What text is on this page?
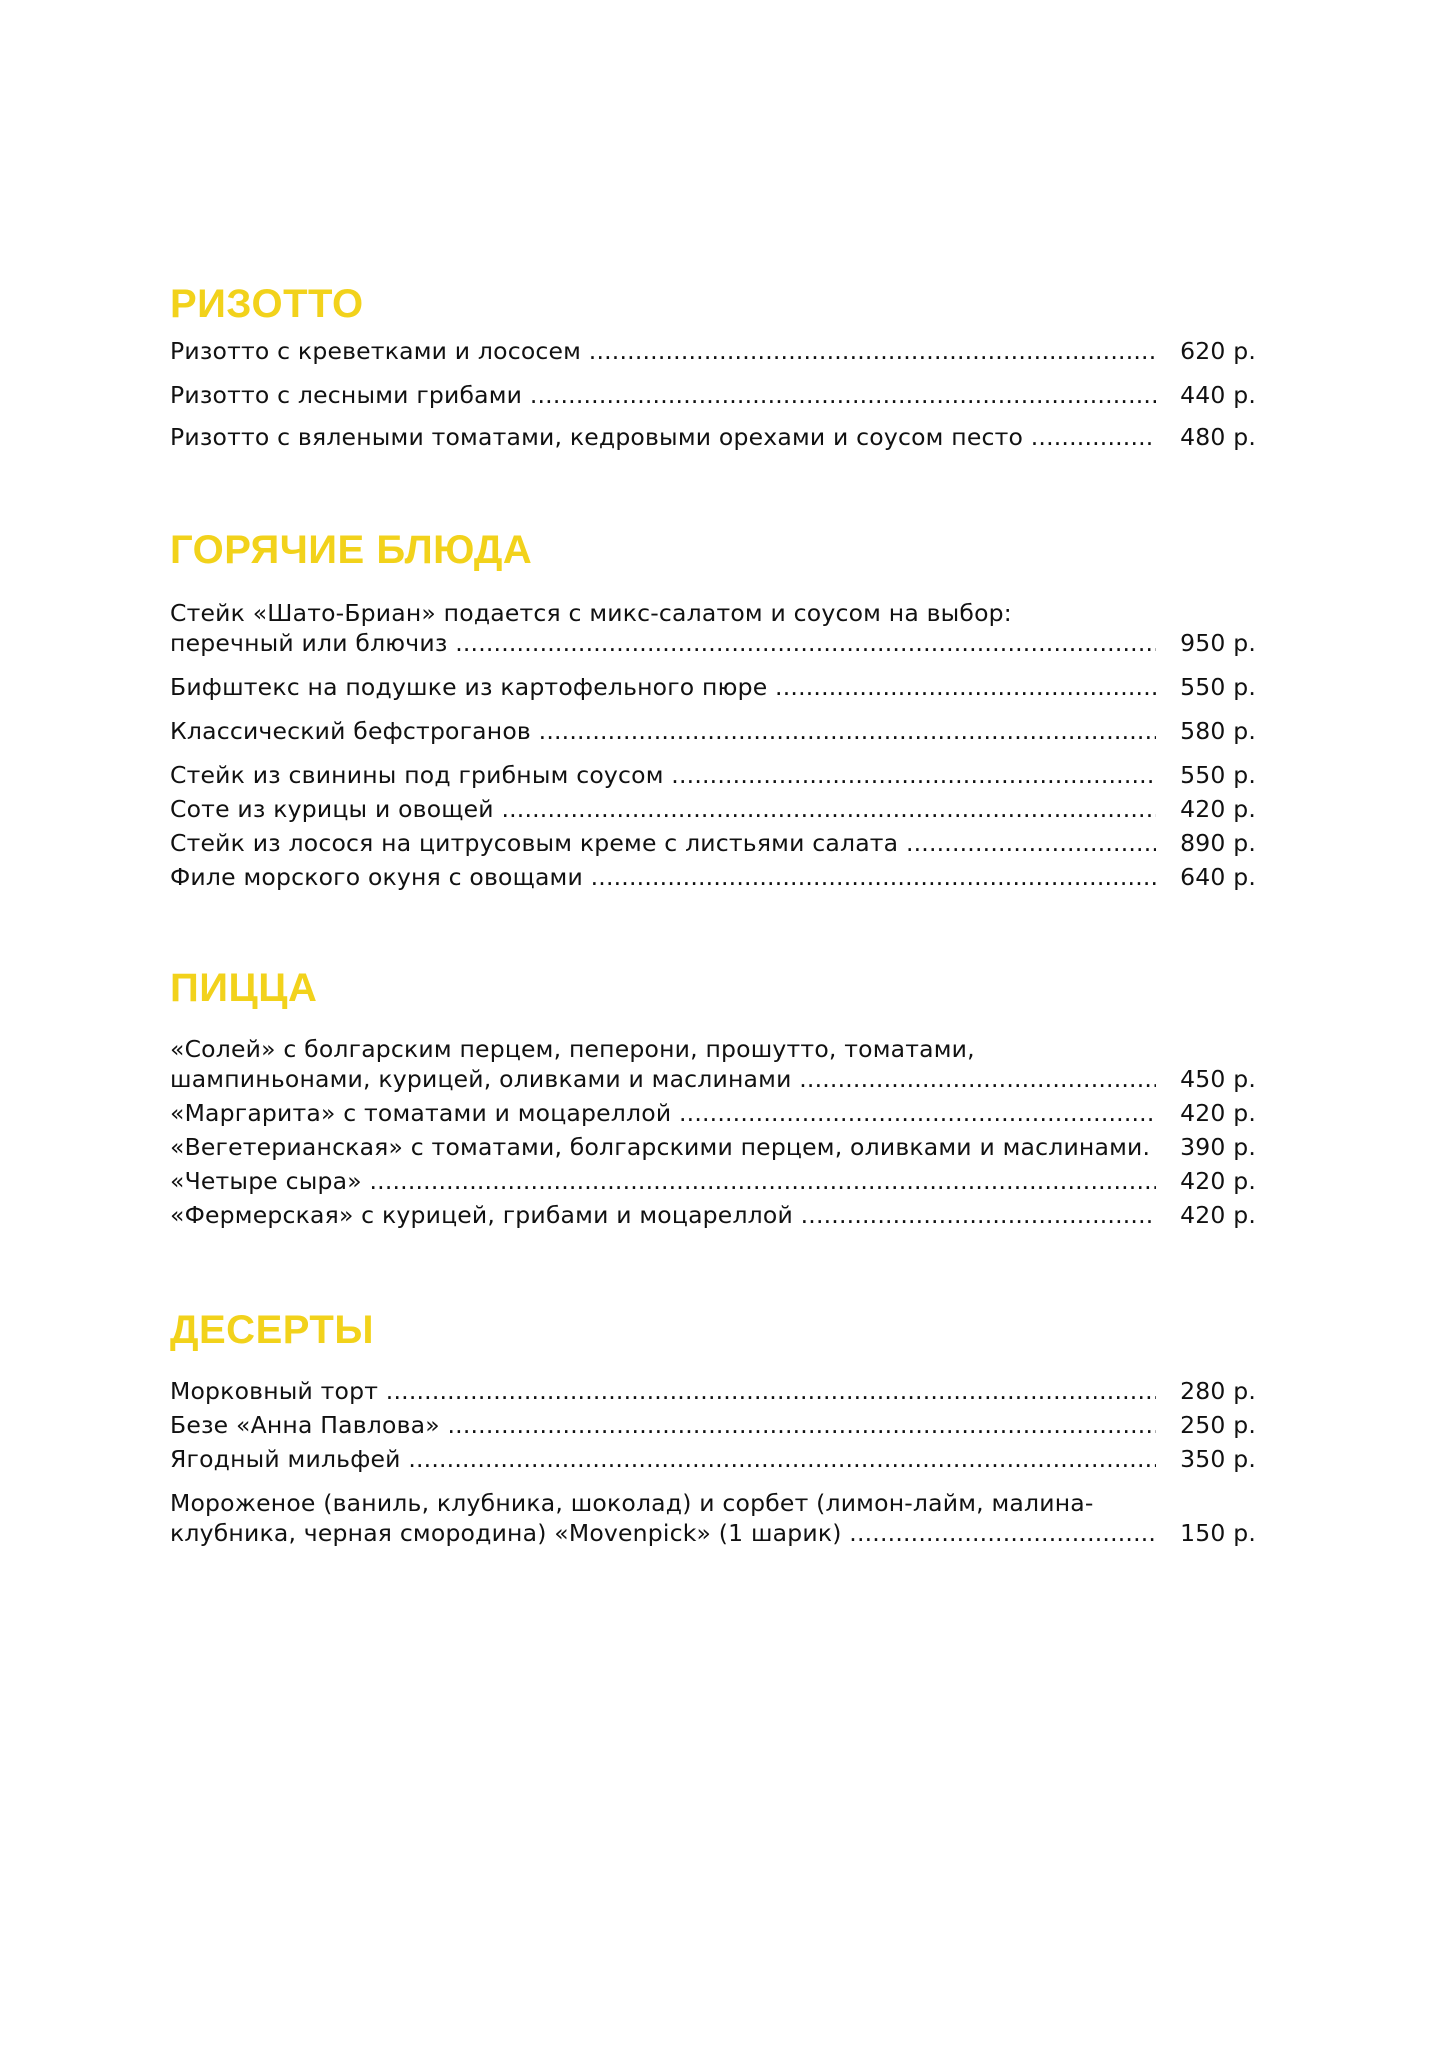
РИЗОТТО
Ризотто с креветками и лососем .....	620 р.
Ризотто с лесными грибами .....	440 р.
Ризотто с вялеными томатами, кедровыми орехами и соусом песто .....	480 р.
ГОРЯЧИЕ БЛЮДА
Стейк «Шато-Бриан» подается с микс-салатом и соусом на выбор:
перечный или блючиз .....	950 р.
Бифштекс на подушке из картофельного пюре .....	550 р.
Классический бефстроганов .....	580 р.
Стейк из свинины под грибным соусом .....	550 р.
Соте из курицы и овощей .....	420 р.
Стейк из лосося на цитрусовым креме с листьями салата .....	890 р.
Филе морского окуня с овощами .....	640 р.
ПИЦЦА
«Солей» с болгарским перцем, пеперони, прошутто, томатами,
шампиньонами, курицей, оливками и маслинами .....	450 р.
«Маргарита» с томатами и моцареллой .....	420 р.
«Вегетерианская» с томатами, болгарскими перцем, оливками и маслинами. .....	390 р.
«Четыре сыра» .....	420 р.
«Фермерская» с курицей, грибами и моцареллой .....	420 р.
ДЕСЕРТЫ
Морковный торт .....	280 р.
Безе «Анна Павлова» .....	250 р.
Ягодный мильфей .....	350 р.
Мороженое (ваниль, клубника, шоколад) и сорбет (лимон-лайм, малина-
клубника, черная смородина) «Movenpick» (1 шарик) .....	150 р.
